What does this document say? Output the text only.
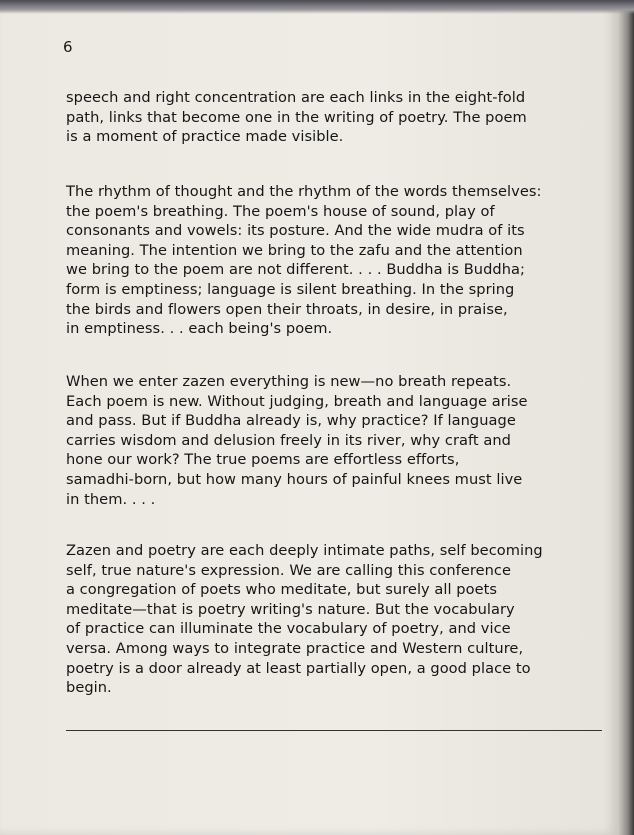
6

speech and right concentration are each links in the eight-fold
path, links that become one in the writing of poetry. The poem
is a moment of practice made visible.

The rhythm of thought and the rhythm of the words themselves:
the poem's breathing. The poem's house of sound, play of
consonants and vowels: its posture. And the wide mudra of its
meaning. The intention we bring to the zafu and the attention
we bring to the poem are not different. . . . Buddha is Buddha;
form is emptiness; language is silent breathing. In the spring
the birds and flowers open their throats, in desire, in praise,
in emptiness. . . each being's poem.

When we enter zazen everything is new—no breath repeats.
Each poem is new. Without judging, breath and language arise
and pass. But if Buddha already is, why practice? If language
carries wisdom and delusion freely in its river, why craft and
hone our work? The true poems are effortless efforts,
samadhi-born, but how many hours of painful knees must live
in them. . . .

Zazen and poetry are each deeply intimate paths, self becoming
self, true nature's expression. We are calling this conference
a congregation of poets who meditate, but surely all poets
meditate—that is poetry writing's nature. But the vocabulary
of practice can illuminate the vocabulary of poetry, and vice
versa. Among ways to integrate practice and Western culture,
poetry is a door already at least partially open, a good place to
begin.
